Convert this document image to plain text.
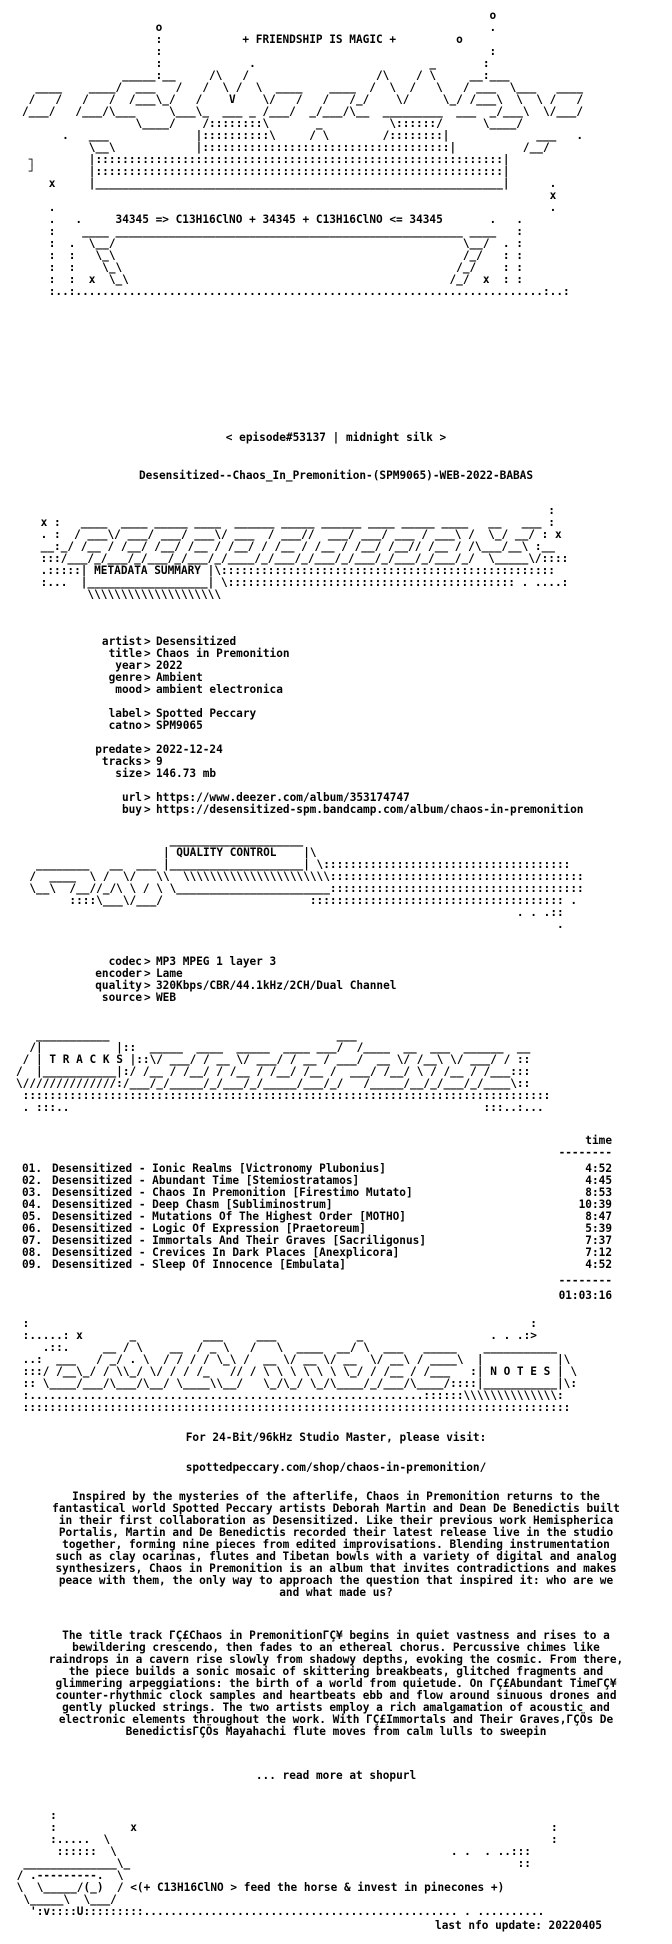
o
o                                                 .
:	+ FRIENDSHIP IS MAGIC +	o
:                                                 :
:             .                          _       :
_____:__     /\   /                   /\    / \     __:___
____    ____/  ___   /   /  \ /  \  ____    ____  /  \  /   \   / ___  \___   ____
/   /   /   /  /___\_/   /    V    \/   /   /   /_/    \/     \_/ /___\  \  \ /   /
/___/   /___/\___     \___\_  ___ _ /___/  _/___/\__  _________  ___  _/___\  \/___/
\____/    /::::::::\       _          \::::::/      \____/
.   ___             |::::::::::\     / \        /::::::::|             ___   .
\__\            |:::::::::::::::::::::::::::::::::::::|          /__/
┐        |:::::::::::::::::::::::::::::::::::::::::::::::::::::::::::::|
┘        |:::::::::::::::::::::::::::::::::::::::::::::::::::::::::::::|
x     |_____________________________________________________________|      .
x
.                                                                          .
.   .	34345 => C13H16ClNO + 34345 + C13H16ClNO <= 34345	.   .
:    ____ ____________________________________________________ ____   :
:  .  \__/                                                    \__/  . :
:  :   \_\                                                    /_/   : :
:  :    \_\                                                  /_/    : :
:  :  x  \_\                                                /_/  x  : :
:..:......................................................................:..:
< episode#53137 | midnight silk >
Desensitized--Chaos_In_Premonition-(SPM9065)-WEB-2022-BABAS
:
x :   ____  ____ _____ ____  ______ _____ ______ ____ _____ ____   __   ___ :
. :  / ___\/ ___/ ___/ ___\/ ___  / ___//  ___/ ___/ ___ / ___\ /  \_/ __/ : x
__:_/ /__ / /__/ /__/ /__ / /__/ / /__ / /__ / /__/ /__// /__ / /\___/__\ :__
:::/___/_/___/_/___/_/___/_/____/_/___/_/___/_/___/_/___/_/___/_/  \_____\/::::
.:::::| METADATA SUMMARY |\::::::::::::::::::::::::::::::::::::::::::::::::::
:...  |__________________| \::::::::::::::::::::::::::::::::::::::::::: . ....:
\\\\\\\\\\\\\\\\\\\\
artist > Desensitized
title > Chaos in Premonition
year > 2022
genre > Ambient
mood > ambient electronica
label > Spotted Peccary
catno > SPM9065
predate > 2022-12-24
tracks > 9
size > 146.73 mb
url > https://www.deezer.com/album/353174747
buy > https://desensitized-spm.bandcamp.com/album/chaos-in-premonition
____________________
| QUALITY CONTROL    |\
________   __  ___ |____________________| \:::::::::::::::::::::::::::::::::::::
/  ____  \ /  \/   \\  \\\\\\\\\\\\\\\\\\\\\\::::::::::::::::::::::::::::::::::::::
\__\  /__//_/\ \ / \ \_______________________::::::::::::::::::::::::::::::::::::::
::::\___\/___/                      :::::::::::::::::::::::::::::::::::::: .
. . .::
.
codec > MP3 MPEG 1 layer 3
encoder > Lame
quality > 320Kbps/CBR/44.1kHz/2CH/Dual Channel
source > WEB
___________                                  ___
/|           |::  _____  ____  _____  ____ ___/  /____  __  ___  ______  __
/ | T R A C K S |::\/ ___/ / __ \/ ___/ / __ / ___/  __ \/ /__\ \/ ___/ / ::
/  |___________|:/ /__ / /__/ / /__ / /__/ /__ /  ___/ /__/ \ / /__ / /___:::
\//////////////:/___/_/_____/_/___/_/_____/___/_/   /_____/__/_/___/_/____\::
:::::::::::::::::::::::::::::::::::::::::::::::::::::::::::::::::::::::::::::::
. :::..                                                              :::..:...

time
--------
01. Desensitized - Ionic Realms [Victronomy Plubonius]	4:52
02. Desensitized - Abundant Time [Stemiostratamos]	4:45
03. Desensitized - Chaos In Premonition [Firestimo Mutato]	8:53
04. Desensitized - Deep Chasm [Subliminostrum]	10:39
05. Desensitized - Mutations Of The Highest Order [MOTHO]	8:47
06. Desensitized - Logic Of Expression [Praetoreum]	5:39
07. Desensitized - Immortals And Their Graves [Sacriligonus]	7:37
08. Desensitized - Crevices In Dark Places [Anexplicora]	7:12
09. Desensitized - Sleep Of Innocence [Embulata]	4:52
--------
01:03:16
:                                                                           :
:.....: x       _          ___     ___            _                   . . .:>
.::.     __ / \    __  / _ \   /   \  ____  __/ \  ___   _____    ___________
..:  ___   / _/ . \  / / / / \_\ /  __ \/ __ \/ __  \/ __\ / ____\  |           |\
:::/ /__\_/ / \\_/ \/ / / /_   // / \ \ \ \ \ \ \_/ / /__ / /___   :| N O T E S | \
:: \____/___/\___/\__/ \____\\__/   \_/\_/ \_/\____/_/___/\____/::::|___________|\:
:...........................................................::::::\\\\\\\\\\\\\\:
::::::::::::::::::::::::::::::::::::::::::::::::::::::::::::::::::::::::::::::::::
For 24-Bit/96kHz Studio Master, please visit:
spottedpeccary.com/shop/chaos-in-premonition/
Inspired by the mysteries of the afterlife, Chaos in Premonition returns to the fantastical world Spotted Peccary artists Deborah Martin and Dean De Benedictis built in their first collaboration as Desensitized. Like their previous work Hemispherica Portalis, Martin and De Benedictis recorded their latest release live in the studio together, forming nine pieces from edited improvisations. Blending instrumentation such as clay ocarinas, flutes and Tibetan bowls with a variety of digital and analog synthesizers, Chaos in Premonition is an album that invites contradictions and makes peace with them, the only way to approach the question that inspired it: who are we and what made us?
The title track ΓÇ£Chaos in PremonitionΓÇ¥ begins in quiet vastness and rises to a bewildering crescendo, then fades to an ethereal chorus. Percussive chimes like raindrops in a cavern rise slowly from shadowy depths, evoking the cosmic. From there, the piece builds a sonic mosaic of skittering breakbeats, glitched fragments and glimmering arpeggiations: the birth of a world from quietude. On ΓÇ£Abundant TimeΓÇ¥ counter-rhythmic clock samples and heartbeats ebb and flow around sinuous drones and gently plucked strings. The two artists employ a rich amalgamation of acoustic and electronic elements throughout the work. With ΓÇ£Immortals and Their Graves,ΓÇÖs De BenedictisΓÇÖs Mayahachi flute moves from calm lulls to sweepin
... read more at shopurl
:
:           x                                                              :
:.....  \                                                                  :
::::::  \                                                  . .  . ..:::
______________\_                                                          ::
/ .---------.  \
\  \_____/(_)  / <(+ C13H16ClNO > feed the horse & invest in pinecones +)
\_____\  \___/
':v::::U:::::::::............................................... . ..........
last nfo update: 20220405
